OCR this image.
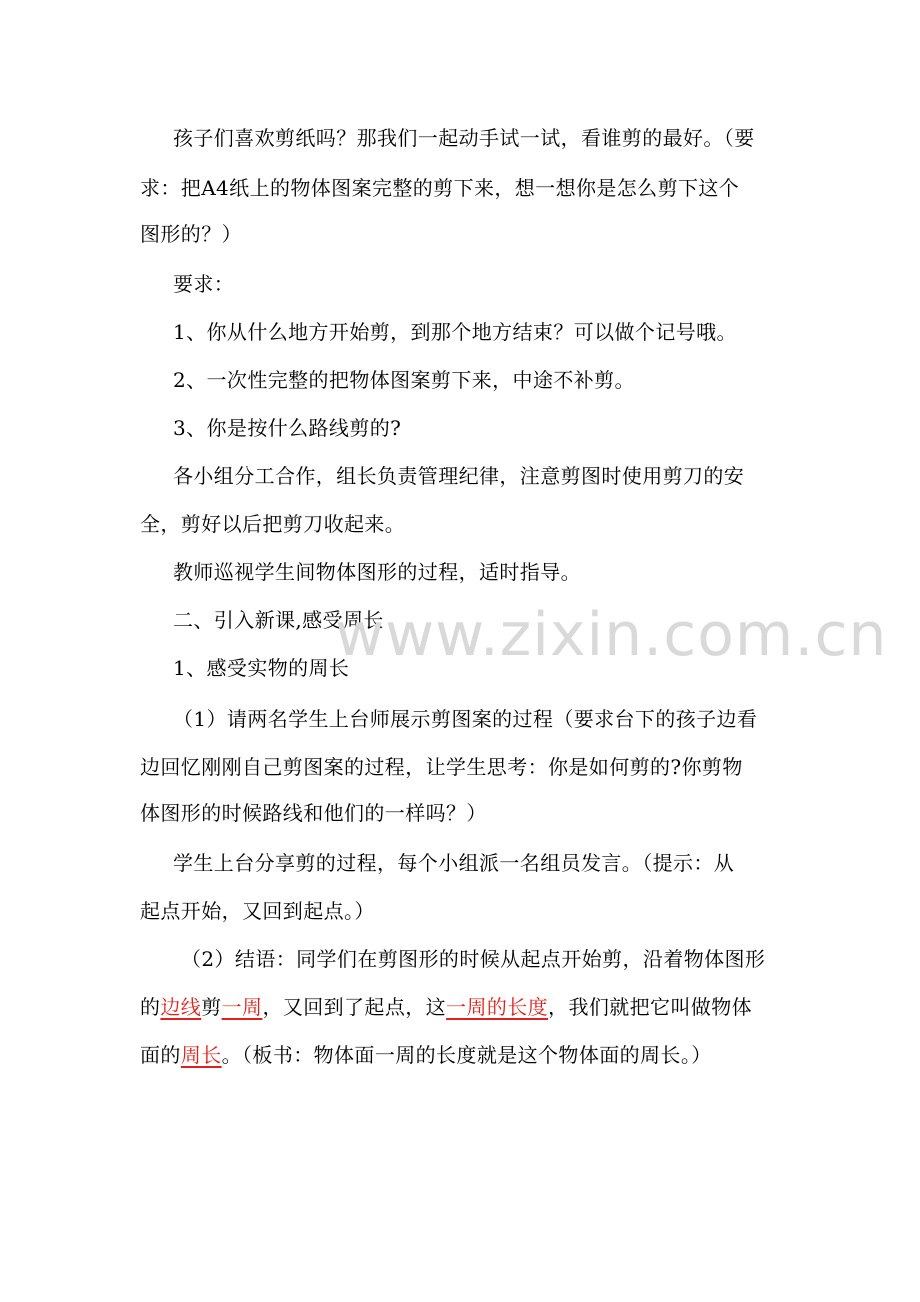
孩子们喜欢剪纸吗？那我们一起动手试一试，看谁剪的最好。（要
求：把A4纸上的物体图案完整的剪下来，想一想你是怎么剪下这个
图形的？）
要求：
1、你从什么地方开始剪，到那个地方结束？可以做个记号哦。
2、一次性完整的把物体图案剪下来，中途不补剪。
3、你是按什么路线剪的?
各小组分工合作，组长负责管理纪律，注意剪图时使用剪刀的安
全，剪好以后把剪刀收起来。
教师巡视学生间物体图形的过程，适时指导。
二、引入新课,感受周长
1、感受实物的周长
（1）请两名学生上台师展示剪图案的过程（要求台下的孩子边看
边回忆刚刚自己剪图案的过程，让学生思考：你是如何剪的?你剪物
体图形的时候路线和他们的一样吗？）
学生上台分享剪的过程，每个小组派一名组员发言。（提示：从
起点开始，又回到起点。）
（2）结语：同学们在剪图形的时候从起点开始剪，沿着物体图形
的边线剪一周，又回到了起点，这一周的长度，我们就把它叫做物体
面的周长。（板书：物体面一周的长度就是这个物体面的周长。）
www.zixin.com.cn
